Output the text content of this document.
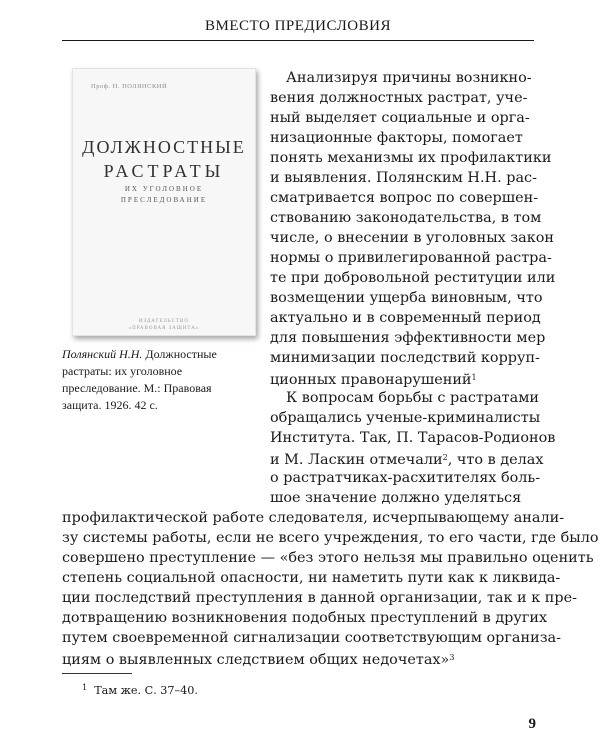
ВМЕСТО ПРЕДИСЛОВИЯ
Проф. Н. ПОЛЯНСКИЙ
ДОЛЖНОСТНЫЕ
РАСТРАТЫ
ИХ УГОЛОВНОЕ
ПРЕСЛЕДОВАНИЕ
ИЗДАТЕЛЬСТВО
«ПРАВОВАЯ ЗАЩИТА»
Полянский Н.Н. Должностные
растраты: их уголовное
преследование. М.: Правовая
защита. 1926. 42 с.
Анализируя причины возникно-
вения должностных растрат, уче-
ный выделяет социальные и орга-
низационные факторы, помогает
понять механизмы их профилактики
и выявления. Полянским Н.Н. рас-
сматривается вопрос по совершен-
ствованию законодательства, в том
числе, о внесении в уголовных закон
нормы о привилегированной растра-
те при добровольной реституции или
возмещении ущерба виновным, что
актуально и в современный период
для повышения эффективности мер
минимизации последствий корруп-
ционных правонарушений$^1$
К вопросам борьбы с растратами
обращались ученые-криминалисты
Института. Так, П. Тарасов-Родионов
и М. Ласкин отмечали$^2$, что в делах
о растратчиках-расхитителях боль-
шое значение должно уделяться
профилактической работе следователя, исчерпывающему анали-
зу системы работы, если не всего учреждения, то его части, где было
совершено преступление — «без этого нельзя мы правильно оценить
степень социальной опасности, ни наметить пути как к ликвида-
ции последствий преступления в данной организации, так и к пре-
дотвращению возникновения подобных преступлений в других
путем своевременной сигнализации соответствующим организа-
циям о выявленных следствием общих недочетах»$^3$
$^1$ Там же. С. 37–40.
9
